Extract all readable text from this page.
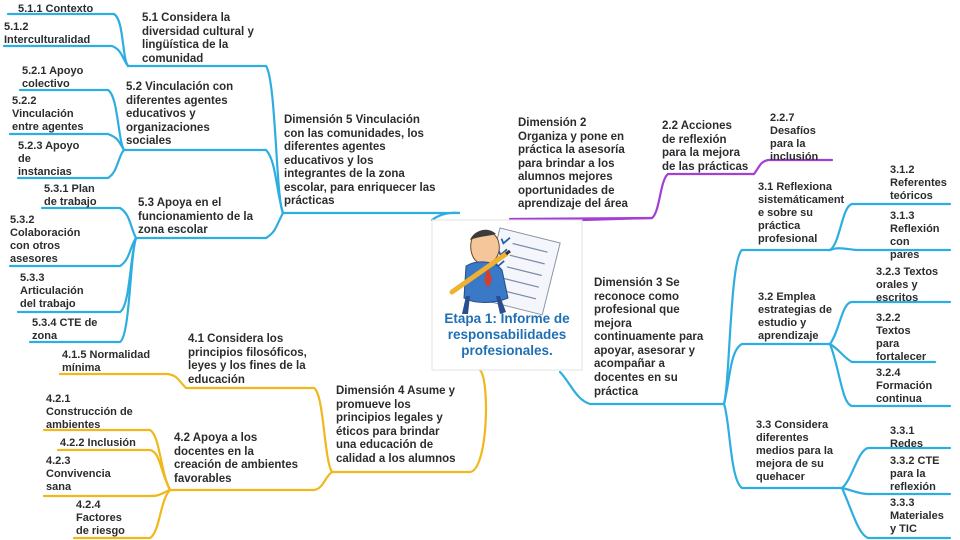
Etapa 1: Informe de
responsabilidades
profesionales.
Dimensión 5 Vinculación
con las comunidades, los
diferentes agentes
educativos y los
integrantes de la zona
escolar, para enriquecer las
prácticas
5.1 Considera la
diversidad cultural y
lingüística de la
comunidad
5.1.1 Contexto
5.1.2
Interculturalidad
5.2 Vinculación con
diferentes agentes
educativos y
organizaciones
sociales
5.2.1 Apoyo
colectivo
5.2.2
Vinculación
entre agentes
5.2.3 Apoyo
de
instancias
5.3 Apoya en el
funcionamiento de la
zona escolar
5.3.1 Plan
de trabajo
5.3.2
Colaboración
con otros
asesores
5.3.3
Articulación
del trabajo
5.3.4 CTE de
zona
Dimensión 4 Asume y
promueve los
principios legales y
éticos para brindar
una educación de
calidad a los alumnos
4.1 Considera los
principios filosóficos,
leyes y los fines de la
educación
4.1.5 Normalidad
mínima
4.2 Apoya a los
docentes en la
creación de ambientes
favorables
4.2.1
Construcción de
ambientes
4.2.2 Inclusión
4.2.3
Convivencia
sana
4.2.4
Factores
de riesgo
Dimensión 2
Organiza y pone en
práctica la asesoría
para brindar a los
alumnos mejores
oportunidades de
aprendizaje del área
2.2 Acciones
de reflexión
para la mejora
de las prácticas
2.2.7
Desafíos
para la
inclusión
Dimensión 3 Se
reconoce como
profesional que
mejora
continuamente para
apoyar, asesorar y
acompañar a
docentes en su
práctica
3.1 Reflexiona
sistemáticament
e sobre su
práctica
profesional
3.1.2
Referentes
teóricos
3.1.3
Reflexión
con
pares
3.2 Emplea
estrategias de
estudio y
aprendizaje
3.2.3 Textos
orales y
escritos
3.2.2
Textos
para
fortalecer
3.2.4
Formación
continua
3.3 Considera
diferentes
medios para la
mejora de su
quehacer
3.3.1
Redes
3.3.2 CTE
para la
reflexión
3.3.3
Materiales
y TIC
